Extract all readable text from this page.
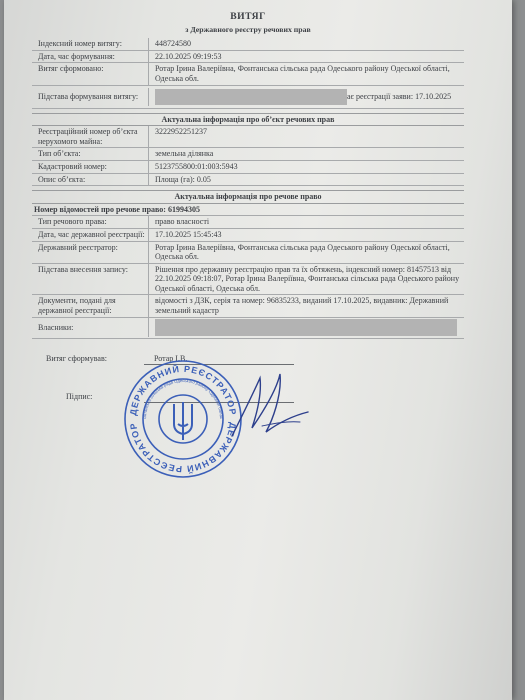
ВИТЯГ
з Державного реєстру речових прав
Індексний номер витягу:	448724580
Дата, час формування:	22.10.2025 09:19:53
Витяг сформовано:	Ротар Ірина Валеріївна, Фонтанська сільська рада Одеського району Одеської області, Одеська обл.
Підстава формування витягу:	ає реєстрації заяви: 17.10.2025
Актуальна інформація про об’єкт речових прав
Реєстраційний номер об’єкта нерухомого майна:
3222952251237
Тип об’єкта:	земельна ділянка
Кадастровий номер:	5123755800:01:003:5943
Опис об’єкта:	Площа (га): 0.05
Актуальна інформація про речове право
Номер відомостей про речове право: 61994305
Тип речового права:	право власності
Дата, час державної реєстрації:	17.10.2025 15:45:43
Державний реєстратор:	Ротар Ірина Валеріївна, Фонтанська сільська рада Одеського району Одеської області, Одеська обл.
Підстава внесення запису:	Рішення про державну реєстрацію прав та їх обтяжень, індексний номер: 81457513 від 22.10.2025 09:18:07, Ротар Ірина Валеріївна, Фонтанська сільська рада Одеського району Одеської області, Одеська обл.
Документи, подані для державної реєстрації:
відомості з ДЗК, серія та номер: 96835233, виданий 17.10.2025, видавник: Державний земельний кадастр
Власники:
Витяг сформував:	Ротар І.В.
Підпис:
ДЕРЖАВНИЙ РЕЄСТРАТОР
ДЕРЖАВНИЙ РЕЄСТРАТОР
онтанська сільська рада Одеського району Одеської облас
